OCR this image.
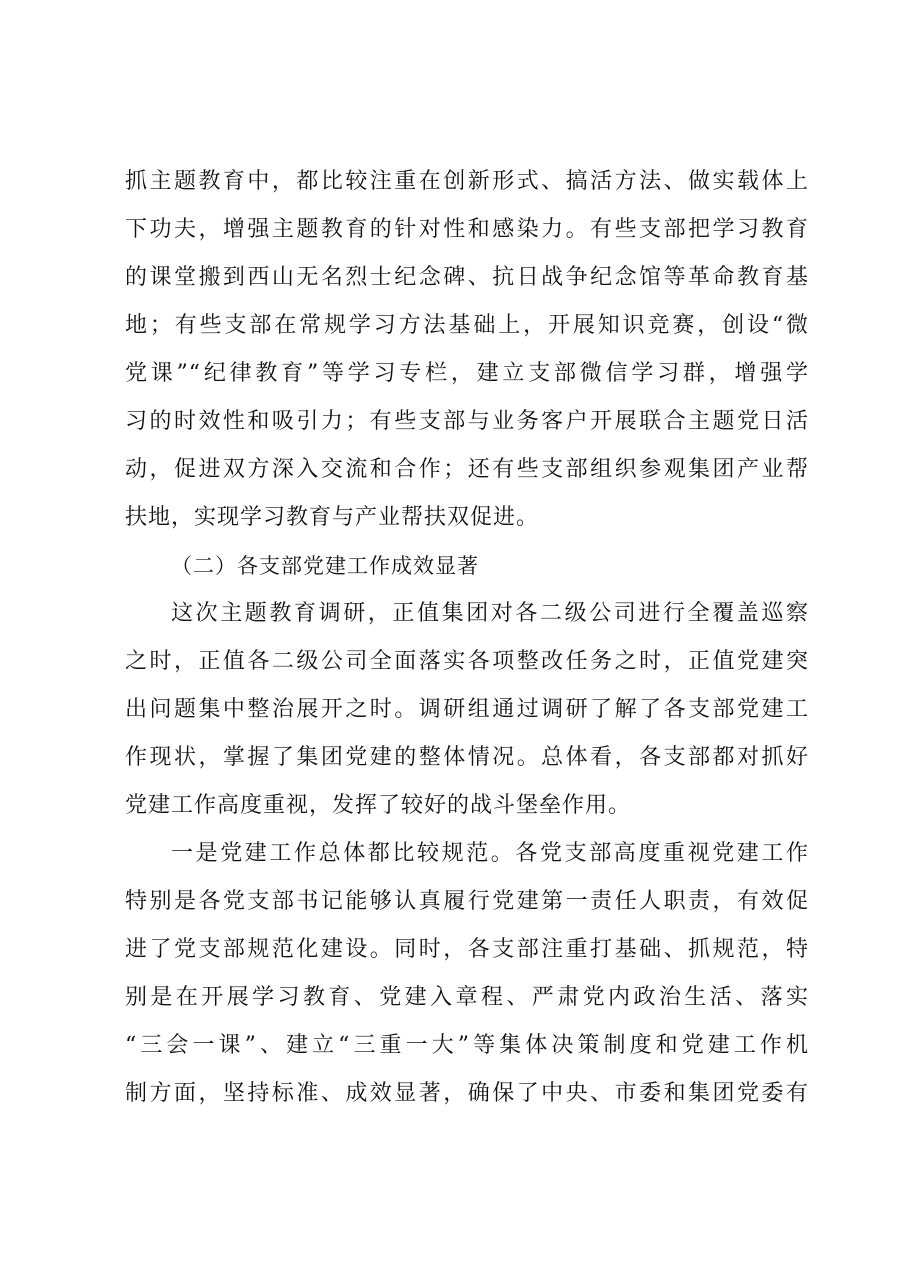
抓主题教育中，都比较注重在创新形式、搞活方法、做实载体上
下功夫，增强主题教育的针对性和感染力。有些支部把学习教育
的课堂搬到西山无名烈士纪念碑、抗日战争纪念馆等革命教育基
地；有些支部在常规学习方法基础上，开展知识竞赛，创设“微
党课”“纪律教育”等学习专栏，建立支部微信学习群，增强学
习的时效性和吸引力；有些支部与业务客户开展联合主题党日活
动，促进双方深入交流和合作；还有些支部组织参观集团产业帮
扶地，实现学习教育与产业帮扶双促进。
（二）各支部党建工作成效显著
这次主题教育调研，正值集团对各二级公司进行全覆盖巡察
之时，正值各二级公司全面落实各项整改任务之时，正值党建突
出问题集中整治展开之时。调研组通过调研了解了各支部党建工
作现状，掌握了集团党建的整体情况。总体看，各支部都对抓好
党建工作高度重视，发挥了较好的战斗堡垒作用。
一是党建工作总体都比较规范。各党支部高度重视党建工作
特别是各党支部书记能够认真履行党建第一责任人职责，有效促
进了党支部规范化建设。同时，各支部注重打基础、抓规范，特
别是在开展学习教育、党建入章程、严肃党内政治生活、落实
“三会一课”、建立“三重一大”等集体决策制度和党建工作机
制方面，坚持标准、成效显著，确保了中央、市委和集团党委有
